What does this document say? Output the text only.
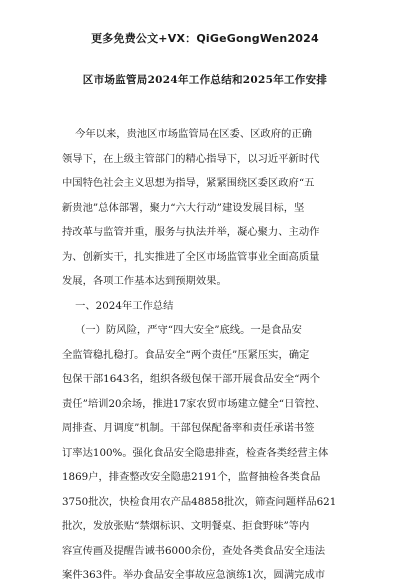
更多免费公文+VX：QiGeGongWen2024
区市场监管局2024年工作总结和2025年工作安排
今年以来，贵池区市场监管局在区委、区政府的正确
领导下，在上级主管部门的精心指导下，以习近平新时代
中国特色社会主义思想为指导，紧紧围绕区委区政府“五
新贵池”总体部署，聚力“六大行动”建设发展目标，坚
持改革与监管并重，服务与执法并举，凝心聚力、主动作
为、创新实干，扎实推进了全区市场监管事业全面高质量
发展，各项工作基本达到预期效果。
一、2024年工作总结
（一）防风险，严守“四大安全”底线。一是食品安
全监管稳扎稳打。食品安全“两个责任”压紧压实，确定
包保干部1643名，组织各级包保干部开展食品安全“两个
责任”培训20余场，推进17家农贸市场建立健全“日管控、
周排查、月调度”机制。干部包保配备率和责任承诺书签
订率达100%。强化食品安全隐患排查，检查各类经营主体
1869户，排查整改安全隐患2191个，监督抽检各类食品
3750批次，快检食用农产品48858批次，筛查问题样品621
批次，发放张贴“禁烟标识、文明餐桌、拒食野味”等内
容宣传画及提醒告诫书6000余份，查处各类食品安全违法
案件363件。举办食品安全事故应急演练1次，圆满完成市
